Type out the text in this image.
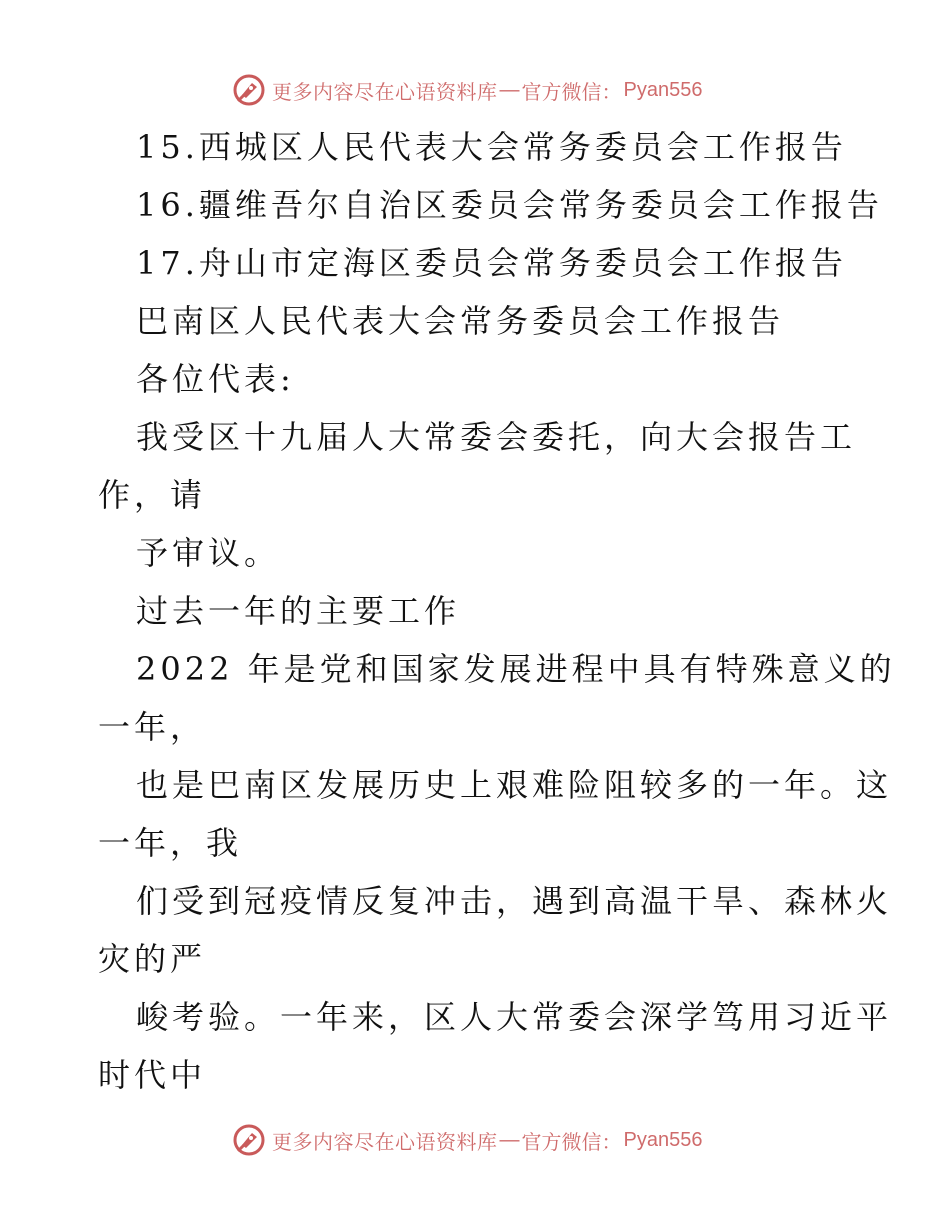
更多内容尽在心语资料库 — 官方微信： Pyan556
15.西城区人民代表大会常务委员会工作报告
16.疆维吾尔自治区委员会常务委员会工作报告
17.舟山市定海区委员会常务委员会工作报告
巴南区人民代表大会常务委员会工作报告
各位代表:
我受区十九届人大常委会委托，向大会报告工
作，请
予审议。
过去一年的主要工作
2022 年是党和国家发展进程中具有特殊意义的
一年，
也是巴南区发展历史上艰难险阻较多的一年。这
一年，我
们受到冠疫情反复冲击，遇到高温干旱、森林火
灾的严
峻考验。一年来，区人大常委会深学笃用习近平
时代中
更多内容尽在心语资料库 — 官方微信： Pyan556
